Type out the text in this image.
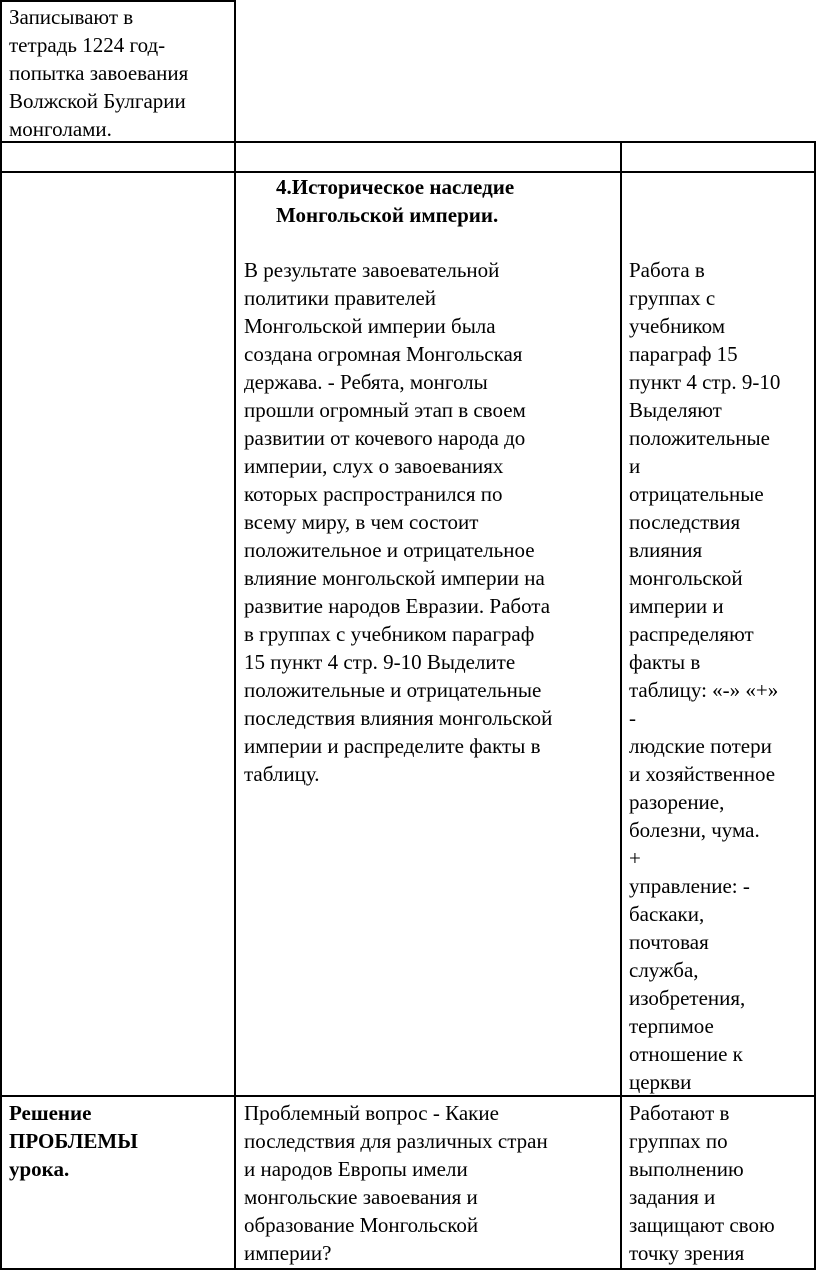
Записывают в
тетрадь 1224 год-
попытка завоевания
Волжской Булгарии
монголами.
4.Историческое наследие
Монгольской империи.
В результате завоевательной
политики правителей
Монгольской империи была
создана огромная Монгольская
держава. - Ребята, монголы
прошли огромный этап в своем
развитии от кочевого народа до
империи, слух о завоеваниях
которых распространился по
всему миру, в чем состоит
положительное и отрицательное
влияние монгольской империи на
развитие народов Евразии. Работа
в группах с учебником параграф
15 пункт 4 стр. 9-10 Выделите
положительные и отрицательные
последствия влияния монгольской
империи и распределите факты в
таблицу.
Работа в
группах с
учебником
параграф 15
пункт 4 стр. 9-10
Выделяют
положительные
и
отрицательные
последствия
влияния
монгольской
империи и
распределяют
факты в
таблицу: «-» «+»
-
людские потери
и хозяйственное
разорение,
болезни, чума.
+
управление: -
баскаки,
почтовая
служба,
изобретения,
терпимое
отношение к
церкви
Решение
ПРОБЛЕМЫ
урока.
Проблемный вопрос - Какие
последствия для различных стран
и народов Европы имели
монгольские завоевания и
образование Монгольской
империи?
Работают в
группах по
выполнению
задания и
защищают свою
точку зрения
